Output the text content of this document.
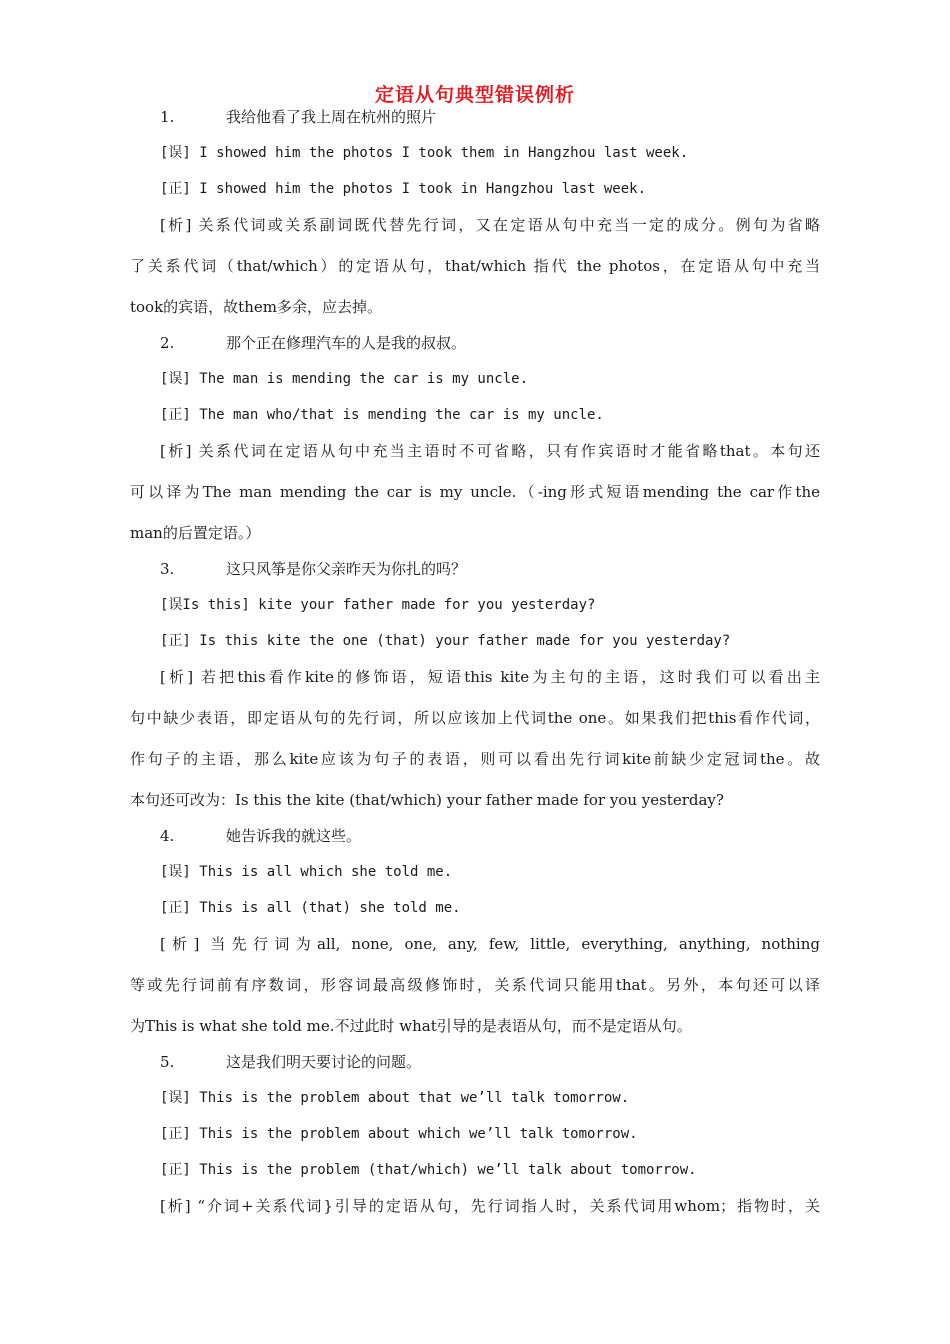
定语从句典型错误例析
1.	我给他看了我上周在杭州的照片
[误] I showed him the photos I took them in Hangzhou last week.
[正] I showed him the photos I took in Hangzhou last week.
[析] 关系代词或关系副词既代替先行词，又在定语从句中充当一定的成分。例句为省略
了关系代词（that/which）的定语从句，that/which 指代 the photos，在定语从句中充当
took的宾语，故them多余，应去掉。
2.	那个正在修理汽车的人是我的叔叔。
[误] The man is mending the car is my uncle.
[正] The man who/that is mending the car is my uncle.
[析] 关系代词在定语从句中充当主语时不可省略，只有作宾语时才能省略that。本句还
可以译为The man mending the car is my uncle.（-ing形式短语mending the car作the
man的后置定语。）
3.	这只风筝是你父亲昨天为你扎的吗？
[误Is this] kite your father made for you yesterday?
[正] Is this kite the one (that) your father made for you yesterday?
[析] 若把this看作kite的修饰语，短语this kite为主句的主语，这时我们可以看出主
句中缺少表语，即定语从句的先行词，所以应该加上代词the one。如果我们把this看作代词，
作句子的主语，那么kite应该为句子的表语，则可以看出先行词kite前缺少定冠词the。故
本句还可改为：Is this the kite (that/which) your father made for you yesterday?
4.	她告诉我的就这些。
[误] This is all which she told me.
[正] This is all (that) she told me.
[析] 当先行词为all, none, one, any, few, little, everything, anything, nothing
等或先行词前有序数词，形容词最高级修饰时，关系代词只能用that。另外，本句还可以译
为This is what she told me.不过此时 what引导的是表语从句，而不是定语从句。
5.	这是我们明天要讨论的问题。
[误] This is the problem about that we’ll talk tomorrow.
[正] This is the problem about which we’ll talk tomorrow.
[正] This is the problem (that/which) we’ll talk about tomorrow.
[析] “介词+关系代词}引导的定语从句，先行词指人时，关系代词用whom；指物时，关
